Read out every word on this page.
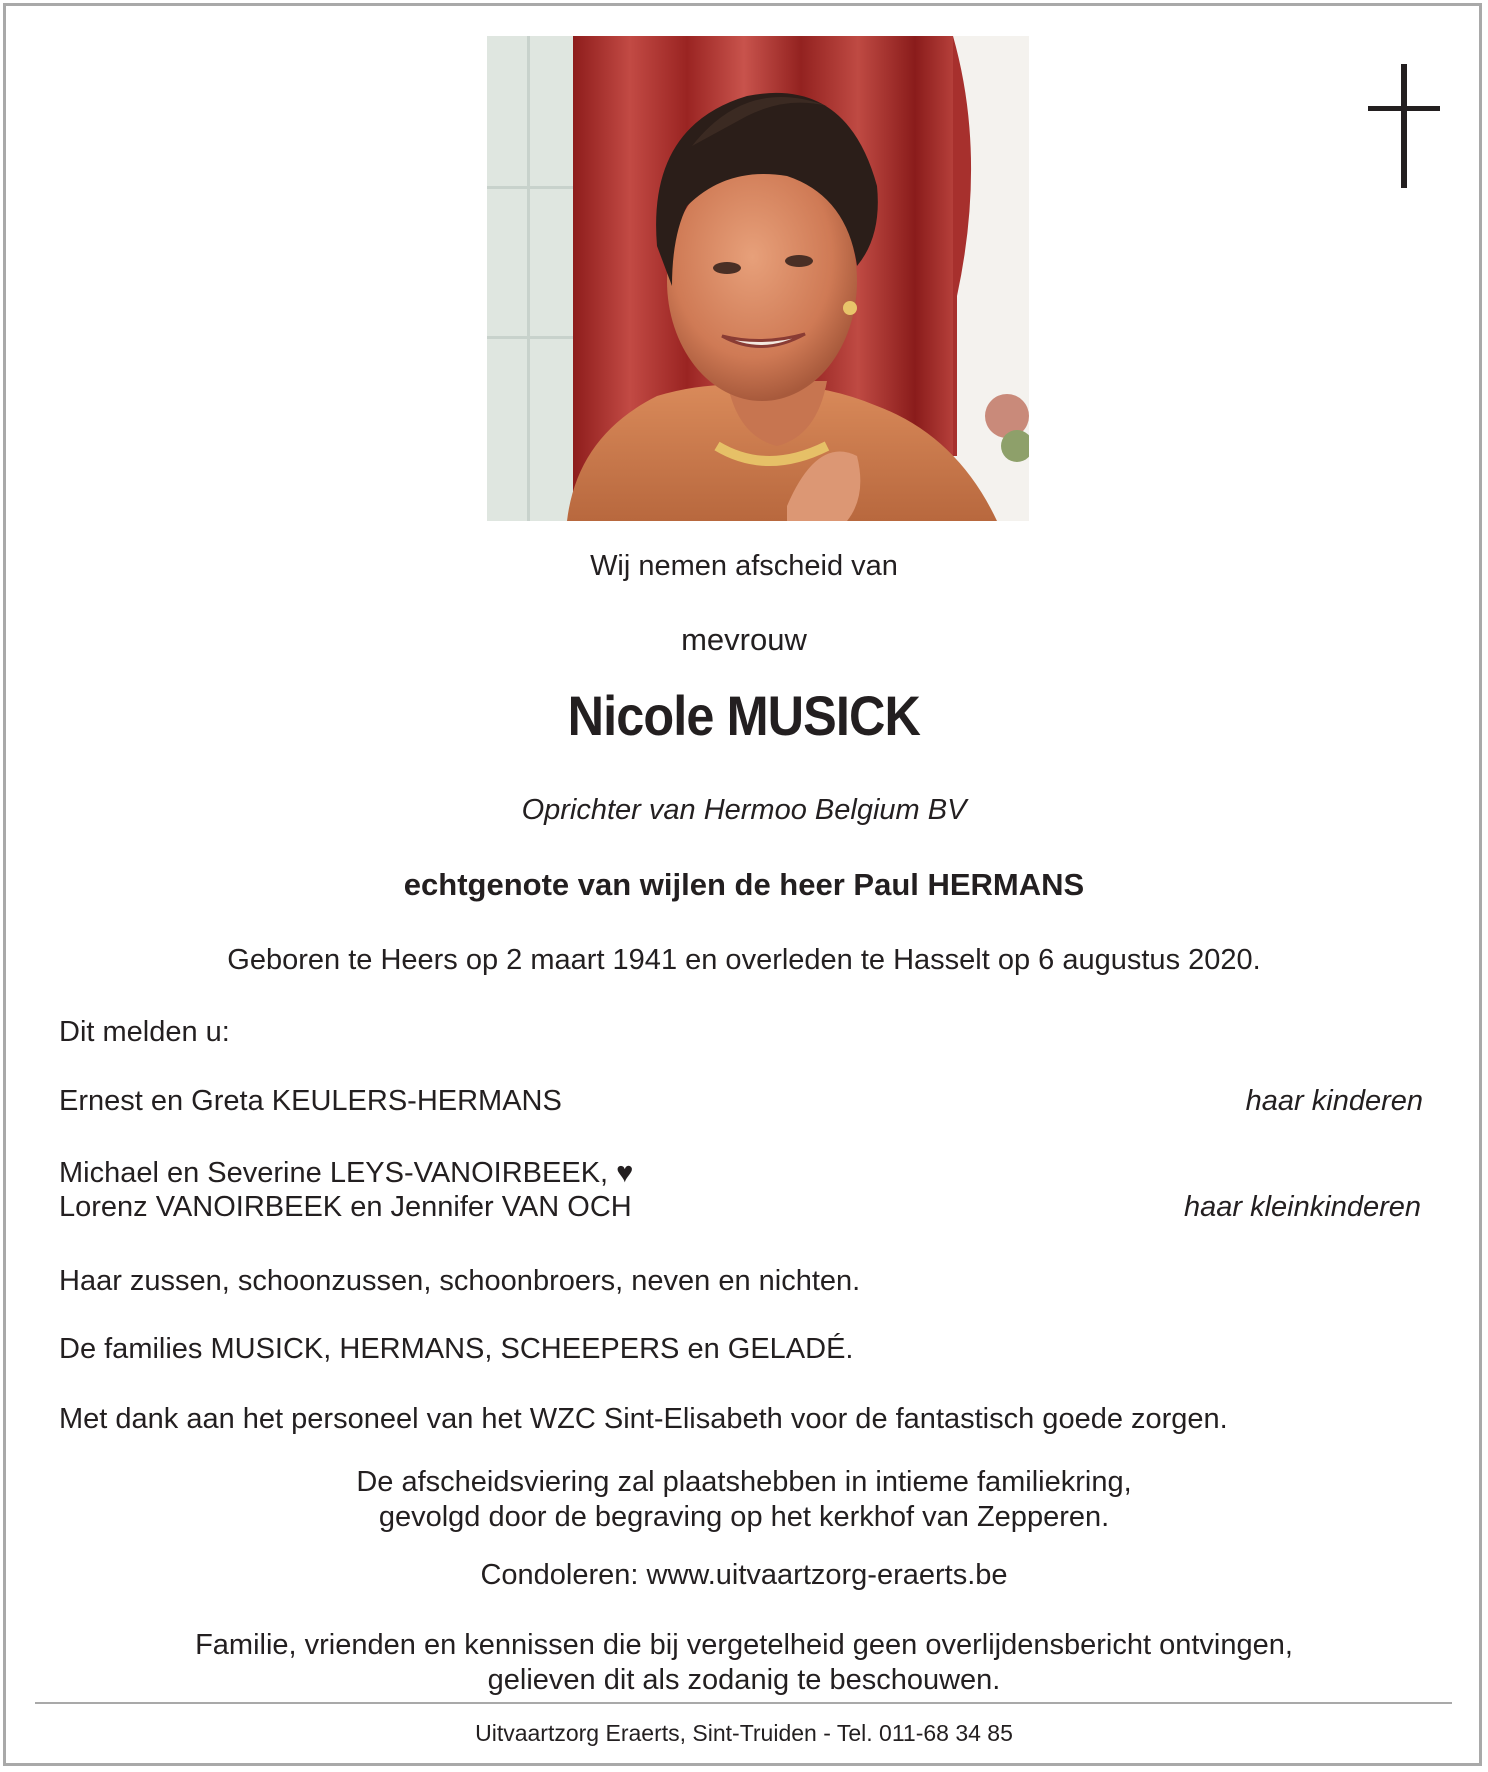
Wij nemen afscheid van
mevrouw
Nicole MUSICK
Oprichter van Hermoo Belgium BV
echtgenote van wijlen de heer Paul HERMANS
Geboren te Heers op 2 maart 1941 en overleden te Hasselt op 6 augustus 2020.
Dit melden u:
Ernest en Greta KEULERS-HERMANS	haar kinderen
Michael en Severine LEYS-VANOIRBEEK, ♥
Lorenz VANOIRBEEK en Jennifer VAN OCH	haar kleinkinderen
Haar zussen, schoonzussen, schoonbroers, neven en nichten.
De families MUSICK, HERMANS, SCHEEPERS en GELADÉ.
Met dank aan het personeel van het WZC Sint-Elisabeth voor de fantastisch goede zorgen.
De afscheidsviering zal plaatshebben in intieme familiekring,
gevolgd door de begraving op het kerkhof van Zepperen.
Condoleren: www.uitvaartzorg-eraerts.be
Familie, vrienden en kennissen die bij vergetelheid geen overlijdensbericht ontvingen,
gelieven dit als zodanig te beschouwen.
Uitvaartzorg Eraerts, Sint-Truiden - Tel. 011-68 34 85
